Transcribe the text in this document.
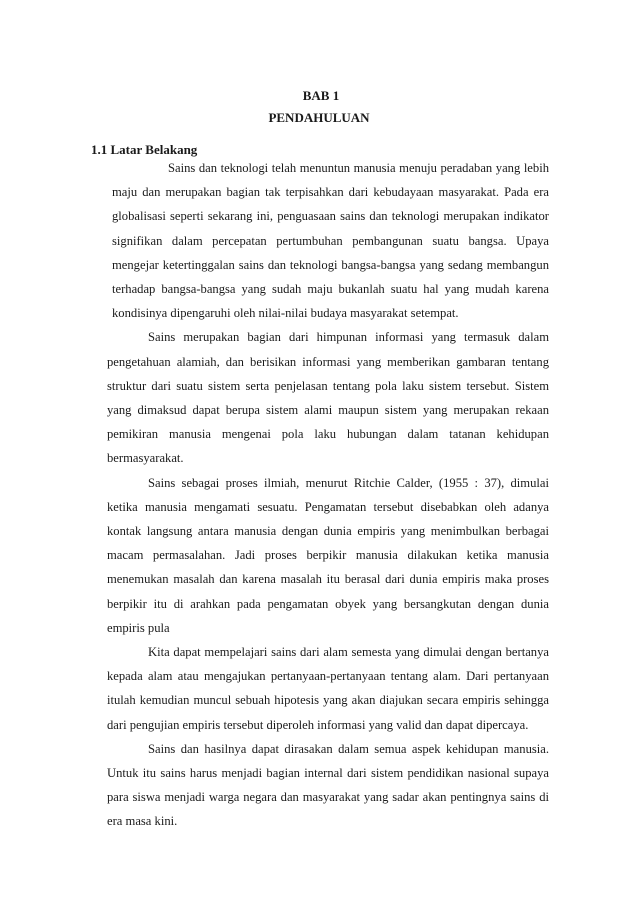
BAB 1
PENDAHULUAN
1.1 Latar Belakang

Sains dan teknologi telah menuntun manusia menuju peradaban yang lebih maju dan merupakan bagian tak terpisahkan dari kebudayaan masyarakat. Pada era globalisasi seperti sekarang ini, penguasaan sains dan teknologi merupakan indikator signifikan dalam percepatan pertumbuhan pembangunan suatu bangsa. Upaya mengejar ketertinggalan sains dan teknologi bangsa-bangsa yang sedang membangun terhadap bangsa-bangsa yang sudah maju bukanlah suatu hal yang mudah karena kondisinya dipengaruhi oleh nilai-nilai budaya masyarakat setempat.

Sains merupakan bagian dari himpunan informasi yang termasuk dalam pengetahuan alamiah, dan berisikan informasi yang memberikan gambaran tentang struktur dari suatu sistem serta penjelasan tentang pola laku sistem tersebut. Sistem yang dimaksud dapat berupa sistem alami maupun sistem yang merupakan rekaan pemikiran manusia mengenai pola laku hubungan dalam tatanan kehidupan bermasyarakat.

Sains sebagai proses ilmiah, menurut Ritchie Calder, (1955 : 37), dimulai ketika manusia mengamati sesuatu. Pengamatan tersebut disebabkan oleh adanya kontak langsung antara manusia dengan dunia empiris yang menimbulkan berbagai macam permasalahan. Jadi proses berpikir manusia dilakukan ketika manusia menemukan masalah dan karena masalah itu berasal dari dunia empiris maka proses berpikir itu di arahkan pada pengamatan obyek yang bersangkutan dengan dunia empiris pula

Kita dapat mempelajari sains dari alam semesta yang dimulai dengan bertanya kepada alam atau mengajukan pertanyaan-pertanyaan tentang alam. Dari pertanyaan itulah kemudian muncul sebuah hipotesis yang akan diajukan secara empiris sehingga dari pengujian empiris tersebut diperoleh informasi yang valid dan dapat dipercaya.

Sains dan hasilnya dapat dirasakan dalam semua aspek kehidupan manusia. Untuk itu sains harus menjadi bagian internal dari sistem pendidikan nasional supaya para siswa menjadi warga negara dan masyarakat yang sadar akan pentingnya sains di era masa kini.
